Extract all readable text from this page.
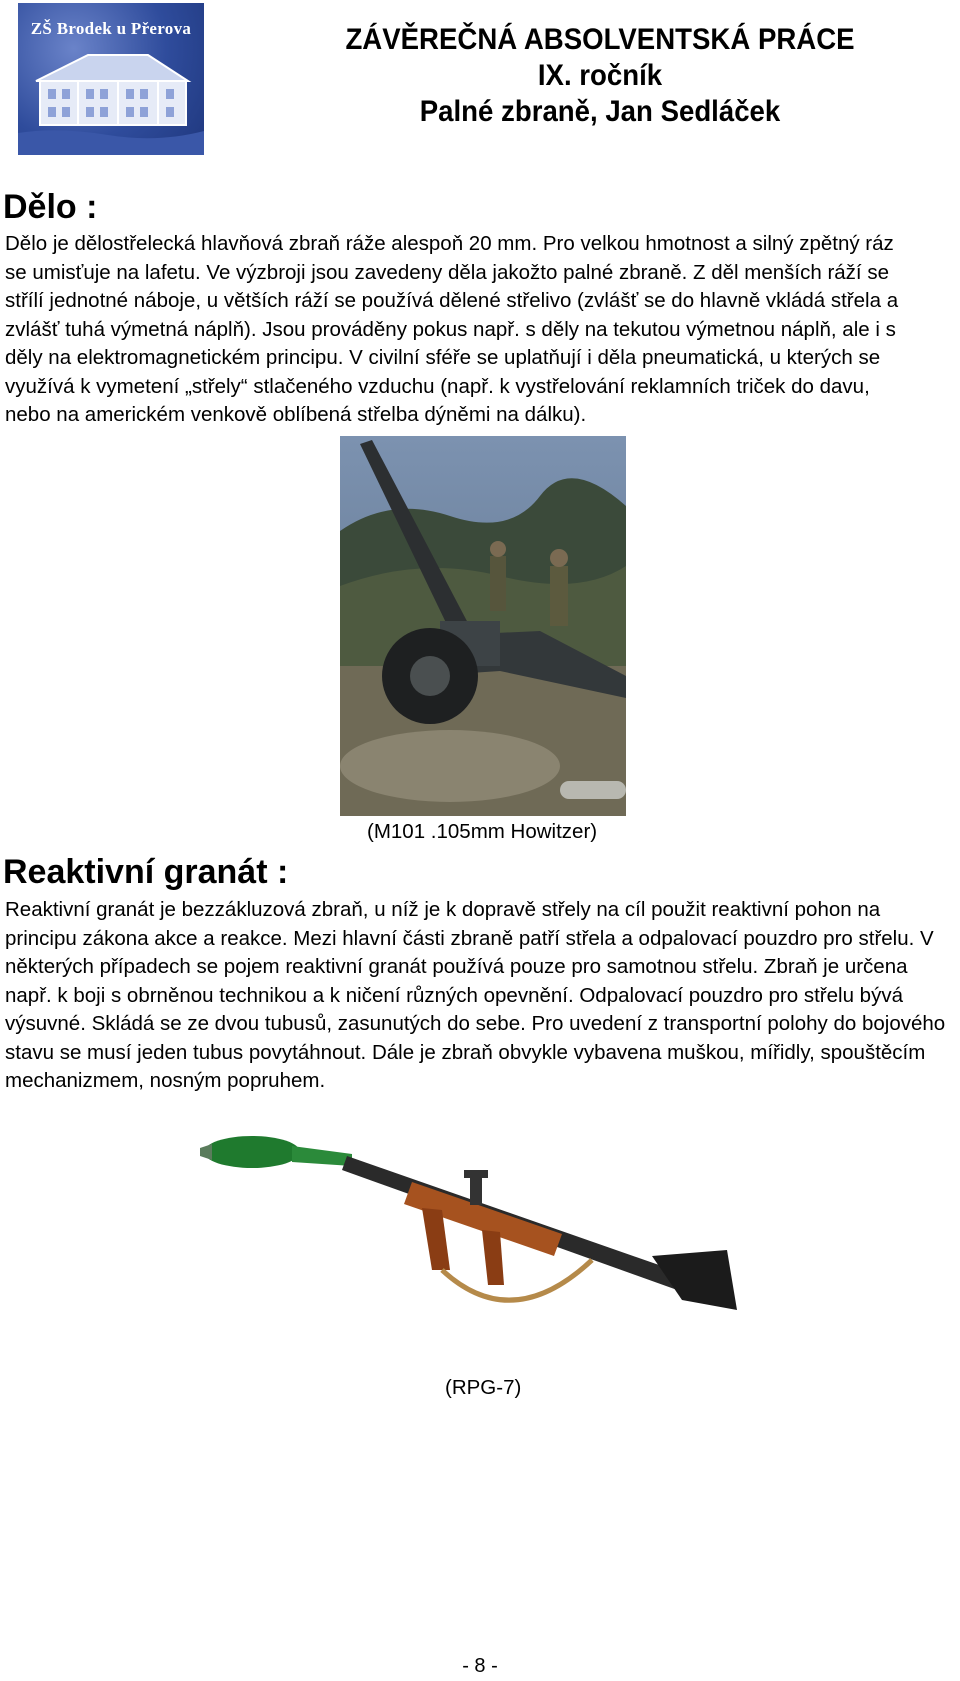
ZŠ Brodek u Přerova	ZÁVĚREČNÁ ABSOLVENTSKÁ PRÁCE
IX. ročník
Palné zbraně, Jan Sedláček
Dělo :

Dělo je dělostřelecká hlavňová zbraň ráže alespoň 20 mm. Pro velkou hmotnost a silný zpětný ráz se umisťuje na lafetu. Ve výzbroji jsou zavedeny děla jakožto palné zbraně. Z děl menších ráží se střílí jednotné náboje, u větších ráží se používá dělené střelivo (zvlášť se do hlavně vkládá střela a zvlášť tuhá výmetná náplň). Jsou prováděny pokus např. s děly na tekutou výmetnou náplň, ale i s děly na elektromagnetickém principu. V civilní sféře se uplatňují i děla pneumatická, u kterých se využívá k vymetení „střely“ stlačeného vzduchu (např. k vystřelování reklamních triček do davu, nebo na americkém venkově oblíbená střelba dýněmi na dálku).

(M101 .105mm Howitzer)
Reaktivní granát :

Reaktivní granát je bezzákluzová zbraň, u níž je k dopravě střely na cíl použit reaktivní pohon na principu zákona akce a reakce. Mezi hlavní části zbraně patří střela a odpalovací pouzdro pro střelu. V některých případech se pojem reaktivní granát používá pouze pro samotnou střelu. Zbraň je určena např. k boji s obrněnou technikou a k ničení různých opevnění. Odpalovací pouzdro pro střelu bývá výsuvné. Skládá se ze dvou tubusů, zasunutých do sebe. Pro uvedení z transportní polohy do bojového stavu se musí jeden tubus povytáhnout. Dále je zbraň obvykle vybavena muškou, mířidly, spouštěcím mechanizmem, nosným popruhem.

(RPG-7)
- 8 -
